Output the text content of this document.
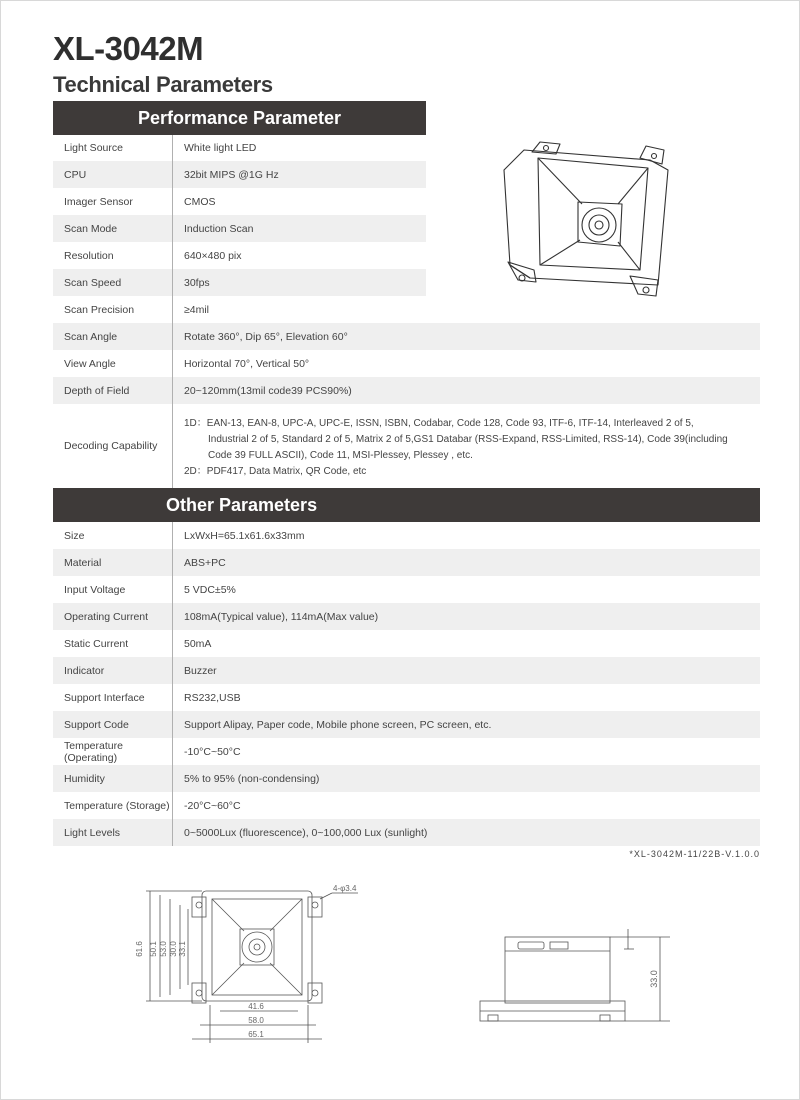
XL-3042M
Technical Parameters
Performance Parameter
Light Source	White light LED
CPU	32bit MIPS @1G Hz
Imager Sensor	CMOS
Scan Mode	Induction Scan
Resolution	640×480 pix
Scan Speed	30fps
Scan Precision	≥4mil
Scan Angle	Rotate 360°, Dip 65°, Elevation 60°
View Angle	Horizontal 70°, Vertical 50°
Depth of Field	20~120mm(13mil code39 PCS90%)
Decoding Capability
1D：EAN-13, EAN-8, UPC-A, UPC-E, ISSN, ISBN, Codabar, Code 128, Code 93, ITF-6, ITF-14, Interleaved 2 of 5,
Industrial 2 of 5, Standard 2 of 5, Matrix 2 of 5,GS1 Databar (RSS-Expand, RSS-Limited, RSS-14), Code 39(including
Code 39 FULL ASCII), Code 11, MSI-Plessey, Plessey , etc.
2D：PDF417, Data Matrix, QR Code, etc
Other Parameters
Size	LxWxH=65.1x61.6x33mm
Material	ABS+PC
Input Voltage	5 VDC±5%
Operating Current	108mA(Typical value), 114mA(Max value)
Static Current	50mA
Indicator	Buzzer
Support Interface	RS232,USB
Support Code	Support Alipay, Paper code, Mobile phone screen, PC screen, etc.
Temperature (Operating)	-10°C~50°C
Humidity	5% to 95% (non-condensing)
Temperature (Storage)	-20°C~60°C
Light Levels	0~5000Lux (fluorescence), 0~100,000 Lux (sunlight)
*XL-3042M-11/22B-V.1.0.0
41.6
58.0
65.1
4-φ3.4
61.6 50.1 53.0 30.0 33.1
33.0
